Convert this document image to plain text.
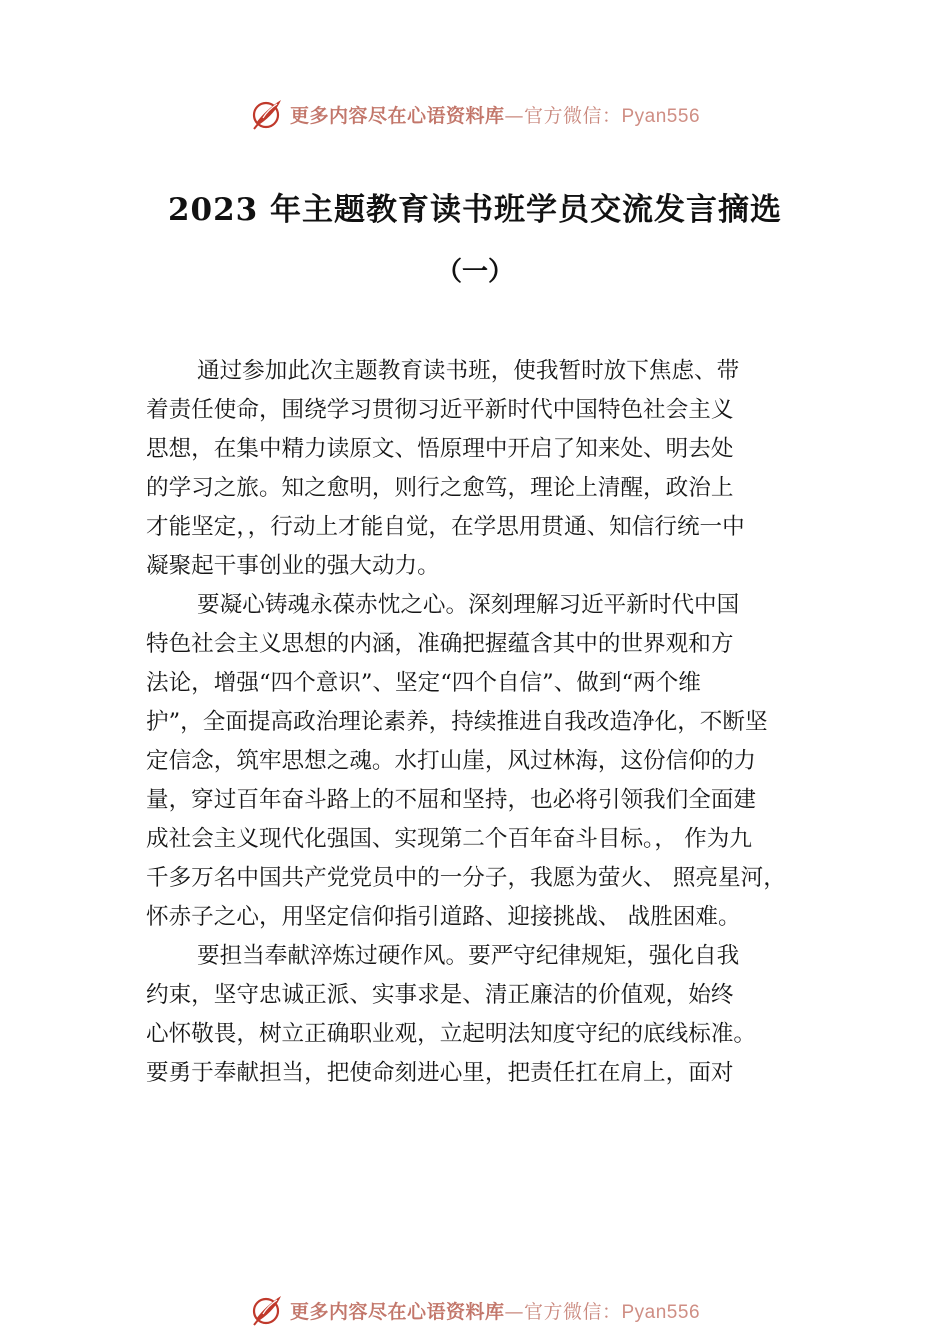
更多内容尽在心语资料库—官方微信：Pyan556
2023 年主题教育读书班学员交流发言摘选
（一）
通过参加此次主题教育读书班，使我暂时放下焦虑、带
着责任使命，围绕学习贯彻习近平新时代中国特色社会主义
思想，在集中精力读原文、悟原理中开启了知来处、明去处
的学习之旅。知之愈明，则行之愈笃，理论上清醒，政治上
才能坚定，，行动上才能自觉，在学思用贯通、知信行统一中
凝聚起干事创业的强大动力。
要凝心铸魂永葆赤忱之心。深刻理解习近平新时代中国
特色社会主义思想的内涵，准确把握蕴含其中的世界观和方
法论，增强“四个意识”、坚定“四个自信”、做到“两个维
护”，全面提高政治理论素养，持续推进自我改造净化，不断坚
定信念，筑牢思想之魂。水打山崖，风过林海，这份信仰的力
量，穿过百年奋斗路上的不屈和坚持，也必将引领我们全面建
成社会主义现代化强国、实现第二个百年奋斗目标。， 作为九
千多万名中国共产党党员中的一分子，我愿为萤火、 照亮星河，
怀赤子之心，用坚定信仰指引道路、迎接挑战、 战胜困难。
要担当奉献淬炼过硬作风。要严守纪律规矩，强化自我
约束，坚守忠诚正派、实事求是、清正廉洁的价值观，始终
心怀敬畏，树立正确职业观，立起明法知度守纪的底线标准。
要勇于奉献担当，把使命刻进心里，把责任扛在肩上，面对
更多内容尽在心语资料库—官方微信：Pyan556
